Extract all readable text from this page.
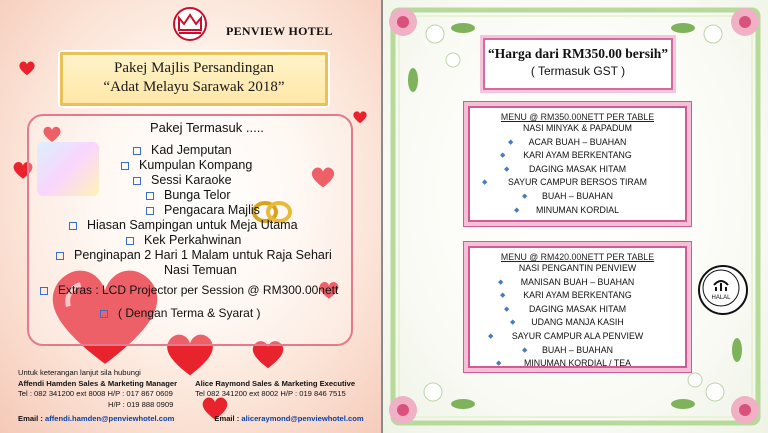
PENVIEW HOTEL
Pakej Majlis Persandingan
“Adat Melayu Sarawak 2018”
Pakej Termasuk .....
Kad Jemputan
Kumpulan Kompang
Sessi Karaoke
Bunga Telor
Pengacara Majlis
Hiasan Sampingan untuk Meja Utama
Kek Perkahwinan
Penginapan 2 Hari 1 Malam untuk Raja Sehari
Nasi Temuan
Extras : LCD Projector per Session @ RM300.00nett
( Dengan Terma & Syarat )
Untuk keterangan lanjut sila hubungi
Affendi Hamden Sales & Marketing Manager
Tel : 082 341200 ext 8008 H/P : 017 867 0609
H/P : 019 888 0909
Alice Raymond Sales & Marketing Executive
Tel 082 341200 ext 8002 H/P : 019 846 7515
Email : affendi.hamden@penviewhotel.com	Email : aliceraymond@penviewhotel.com
“Harga dari RM350.00 bersih”
( Termasuk GST )
MENU @ RM350.00NETT PER TABLE
NASI MINYAK & PAPADUM
◆ ACAR BUAH – BUAHAN
◆ KARI AYAM BERKENTANG
◆ DAGING MASAK HITAM
◆ SAYUR CAMPUR BERSOS TIRAM
◆ BUAH – BUAHAN
◆ MINUMAN KORDIAL
MENU @ RM420.00NETT PER TABLE
NASI PENGANTIN PENVIEW
◆ MANISAN BUAH – BUAHAN
◆ KARI AYAM BERKENTANG
◆ DAGING MASAK HITAM
◆ UDANG MANJA KASIH
◆ SAYUR CAMPUR ALA PENVIEW
◆ BUAH – BUAHAN
◆	MINUMAN KORDIAL / TEA
HALAL
